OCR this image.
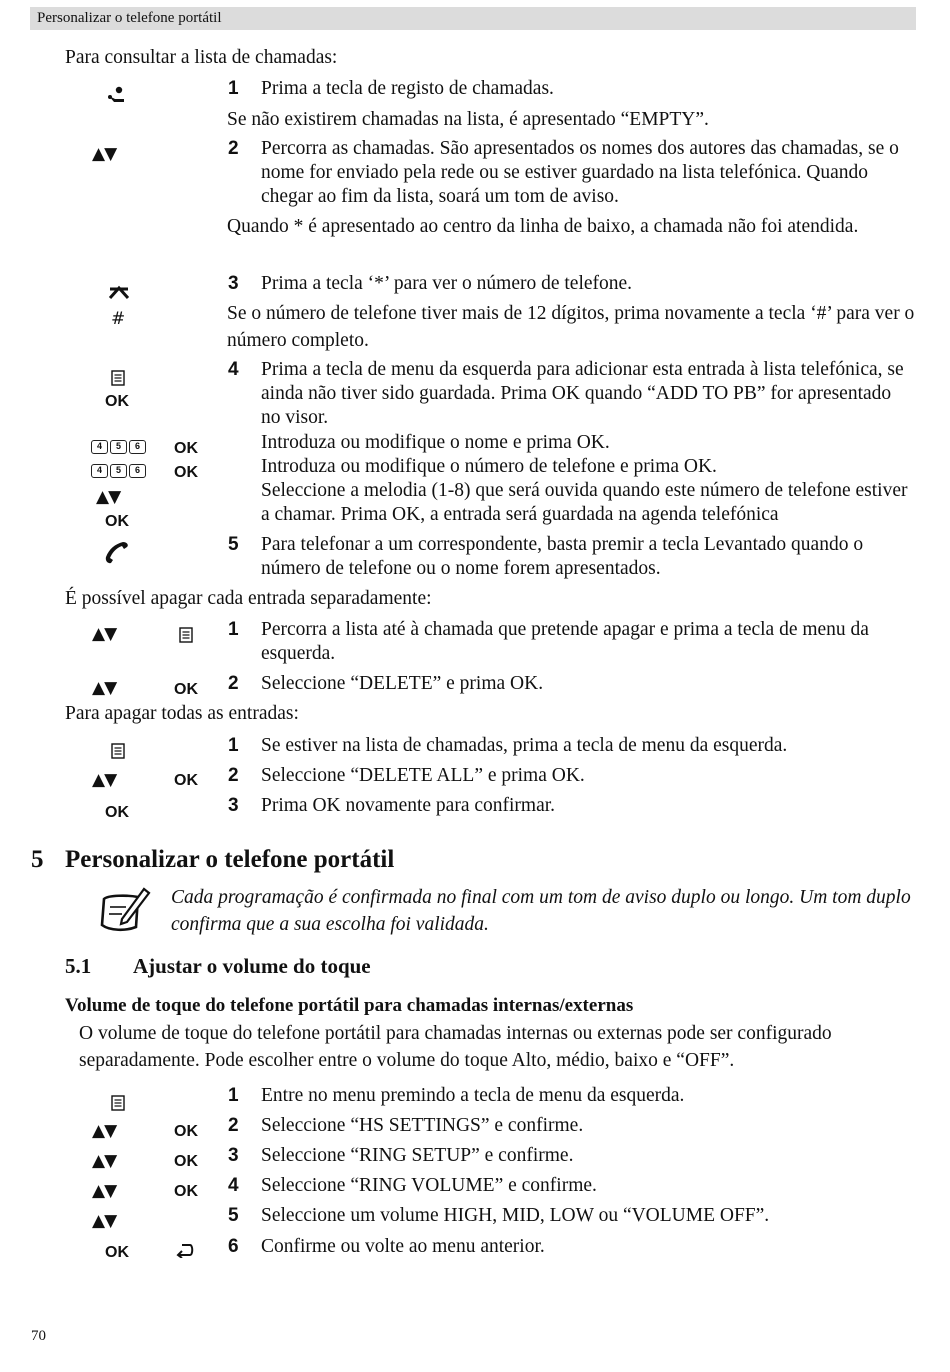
Personalizar o telefone portátil
Para consultar a lista de chamadas:
1 Prima a tecla de registo de chamadas.
Se não existirem chamadas na lista, é apresentado “EMPTY”.
▲▼	2 Percorra as chamadas. São apresentados os nomes dos autores das chamadas, se o nome for enviado pela rede ou se estiver guardado na lista telefónica. Quando chegar ao fim da lista, soará um tom de aviso.
Quando * é apresentado ao centro da linha de baixo, a chamada não foi atendida.
#
3 Prima a tecla ‘*’ para ver o número de telefone.
Se o número de telefone tiver mais de 12 dígitos, prima novamente a tecla ‘#’ para ver o número completo.
OK
4 Prima a tecla de menu da esquerda para adicionar esta entrada à lista telefónica, se ainda não tiver sido guardada. Prima OK quando “ADD TO PB” for apresentado no visor.
4	5	6	OK	Introduza ou modifique o nome e prima OK.
4	5	6	OK	Introduza ou modifique o número de telefone e prima OK.
▲▼
OK
Seleccione a melodia (1-8) que será ouvida quando este número de telefone estiver a chamar. Prima OK, a entrada será guardada na agenda telefónica
5 Para telefonar a um correspondente, basta premir a tecla Levantado quando o número de telefone ou o nome forem apresentados.
É possível apagar cada entrada separadamente:
▲▼	1 Percorra a lista até à chamada que pretende apagar e prima a tecla de menu da esquerda.
▲▼	OK 2 Seleccione “DELETE” e prima OK.
Para apagar todas as entradas:
1 Se estiver na lista de chamadas, prima a tecla de menu da esquerda.
▲▼	OK 2 Seleccione “DELETE ALL” e prima OK.
OK	3 Prima OK novamente para confirmar.
5 Personalizar o telefone portátil
Cada programação é confirmada no final com um tom de aviso duplo ou longo. Um tom duplo confirma que a sua escolha foi validada.
5.1 Ajustar o volume do toque
Volume de toque do telefone portátil para chamadas internas/externas
O volume de toque do telefone portátil para chamadas internas ou externas pode ser configurado separadamente. Pode escolher entre o volume do toque Alto, médio, baixo e “OFF”.
1 Entre no menu premindo a tecla de menu da esquerda.
▲▼	OK 2 Seleccione “HS SETTINGS” e confirme.
▲▼	OK 3 Seleccione “RING SETUP” e confirme.
▲▼	OK 4 Seleccione “RING VOLUME” e confirme.
▲▼	5 Seleccione um volume HIGH, MID, LOW ou “VOLUME OFF”.
OK	6 Confirme ou volte ao menu anterior.
70
